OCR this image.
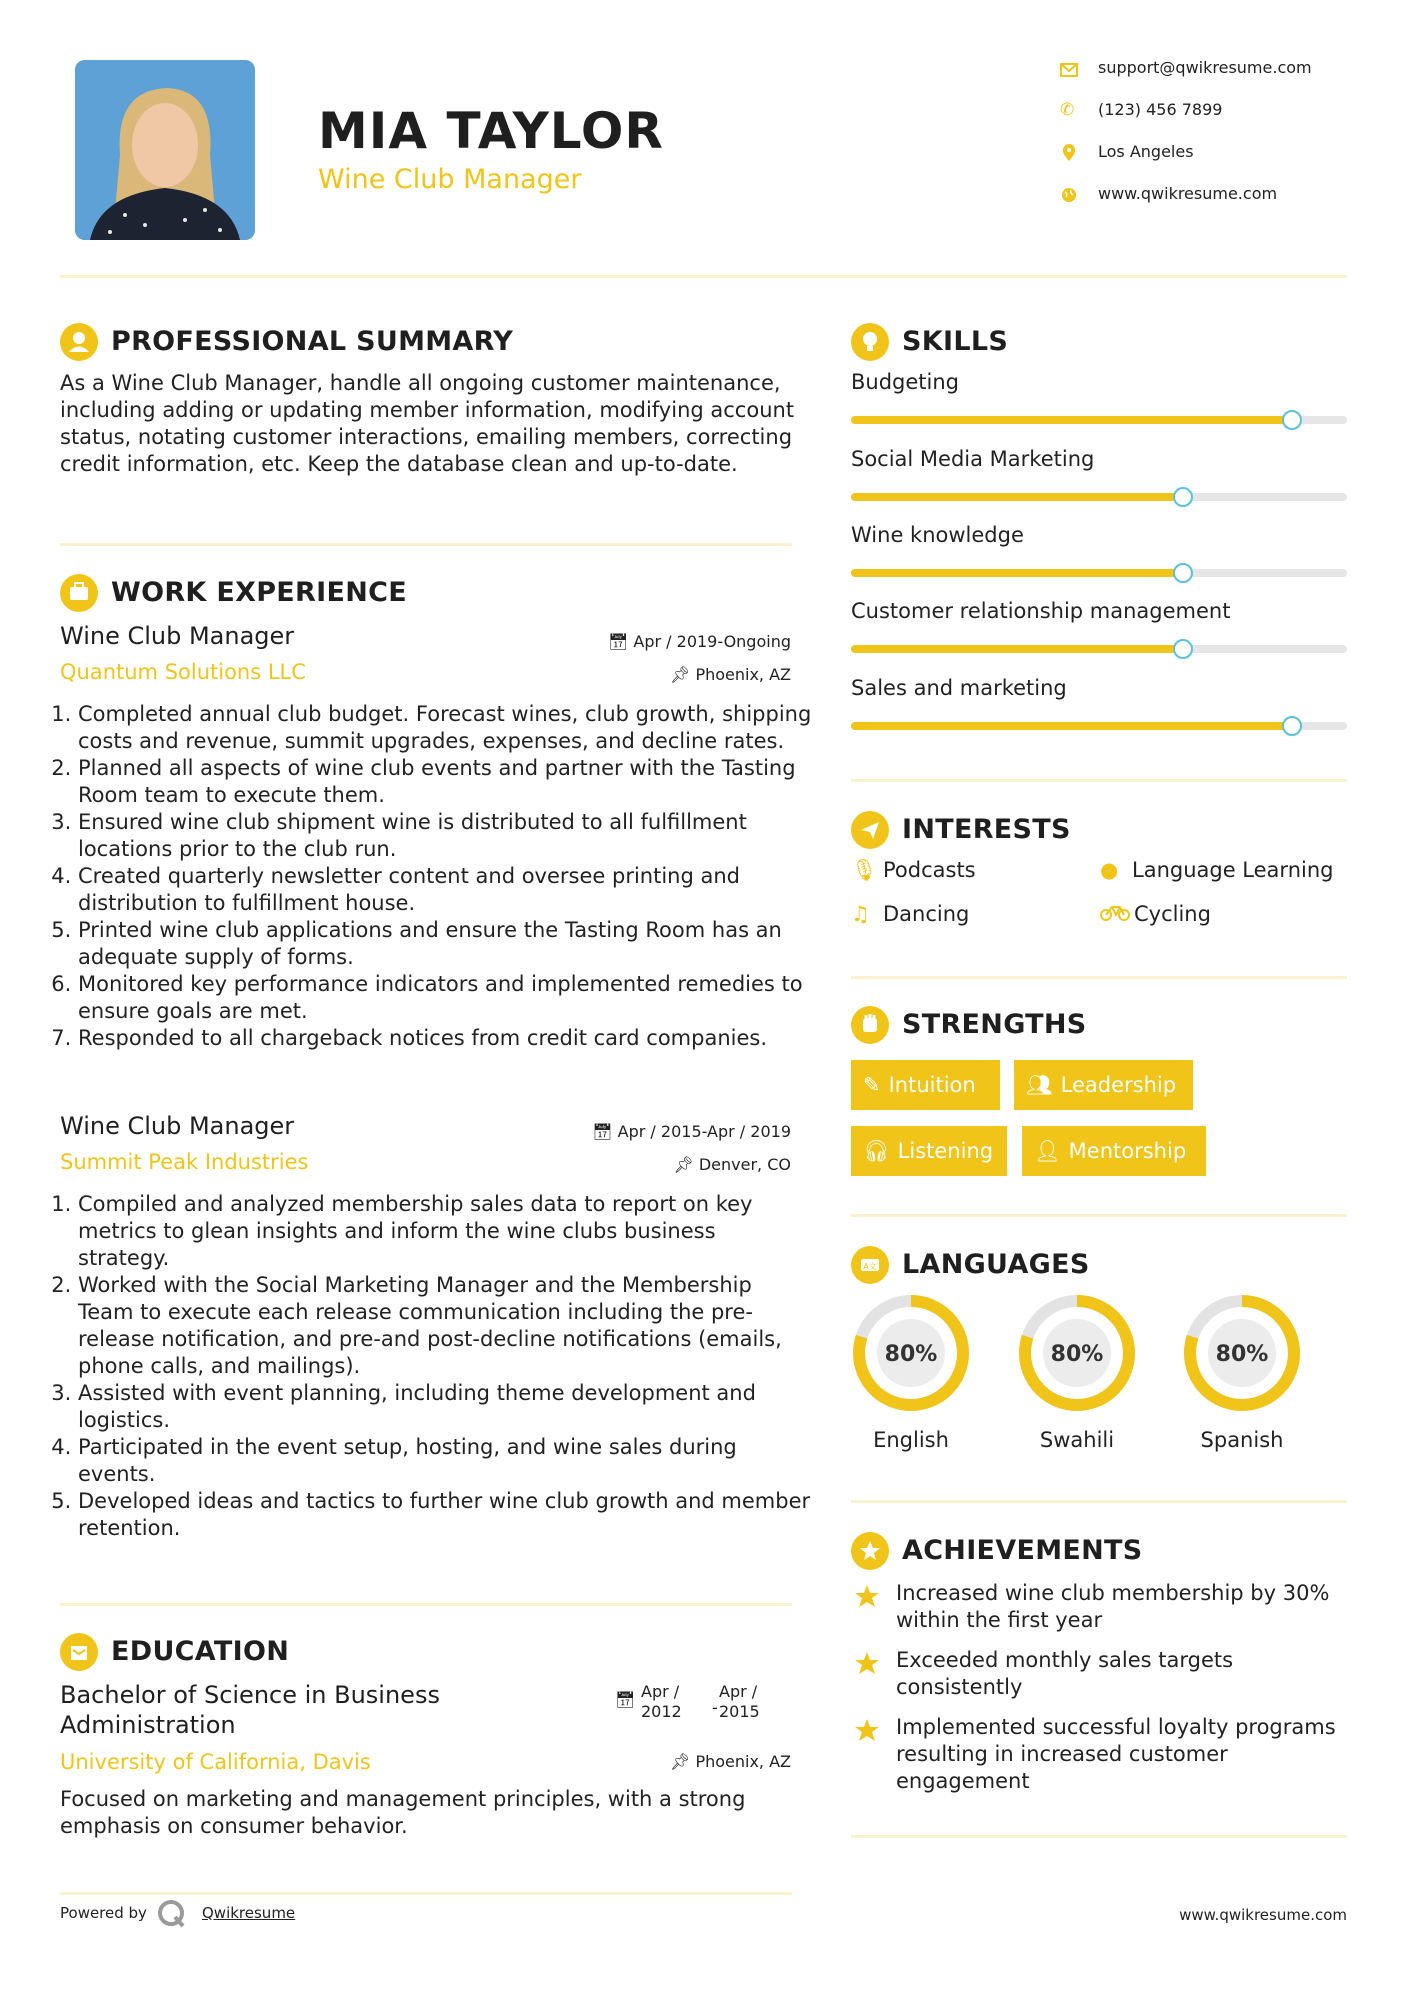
MIA TAYLOR
Wine Club Manager
support@qwikresume.com
✆ (123) 456 7899
Los Angeles
www.qwikresume.com
PROFESSIONAL SUMMARY
As a Wine Club Manager, handle all ongoing customer maintenance, including adding or updating member information, modifying account status, notating customer interactions, emailing members, correcting credit information, etc. Keep the database clean and up-to-date.
WORK EXPERIENCE
Wine Club Manager
Quantum Solutions LLC
📅︎ Apr / 2019-Ongoing
📌︎ Phoenix, AZ
1. Completed annual club budget. Forecast wines, club growth, shipping costs and revenue, summit upgrades, expenses, and decline rates.
2. Planned all aspects of wine club events and partner with the Tasting Room team to execute them.
3. Ensured wine club shipment wine is distributed to all fulfillment locations prior to the club run.
4. Created quarterly newsletter content and oversee printing and distribution to fulfillment house.
5. Printed wine club applications and ensure the Tasting Room has an adequate supply of forms.
6. Monitored key performance indicators and implemented remedies to ensure goals are met.
7. Responded to all chargeback notices from credit card companies.
Wine Club Manager
Summit Peak Industries
📅︎ Apr / 2015-Apr / 2019
📌︎ Denver, CO
1. Compiled and analyzed membership sales data to report on key metrics to glean insights and inform the wine clubs business strategy.
2. Worked with the Social Marketing Manager and the Membership Team to execute each release communication including the pre-release notification, and pre-and post-decline notifications (emails, phone calls, and mailings).
3. Assisted with event planning, including theme development and logistics.
4. Participated in the event setup, hosting, and wine sales during events.
5. Developed ideas and tactics to further wine club growth and member retention.
EDUCATION
Bachelor of Science in Business
Administration
University of California, Davis
📅︎ Apr /
2012 -
Apr /
2015
📌︎ Phoenix, AZ
Focused on marketing and management principles, with a strong emphasis on consumer behavior.
Powered by	Qwikresume	www.qwikresume.com
SKILLS
Budgeting
Social Media Marketing
Wine knowledge
Customer relationship management
Sales and marketing
INTERESTS
🎙︎ Podcasts	● Language Learning
♫ Dancing	Cycling
STRENGTHS
✎ Intuition	👥︎ Leadership
🎧︎ Listening	👤︎ Mentorship
A文 LANGUAGES
80%
English
80%
Swahili
80%
Spanish
ACHIEVEMENTS
Increased wine club membership by 30% within the first year
Exceeded monthly sales targets consistently
Implemented successful loyalty programs resulting in increased customer engagement
